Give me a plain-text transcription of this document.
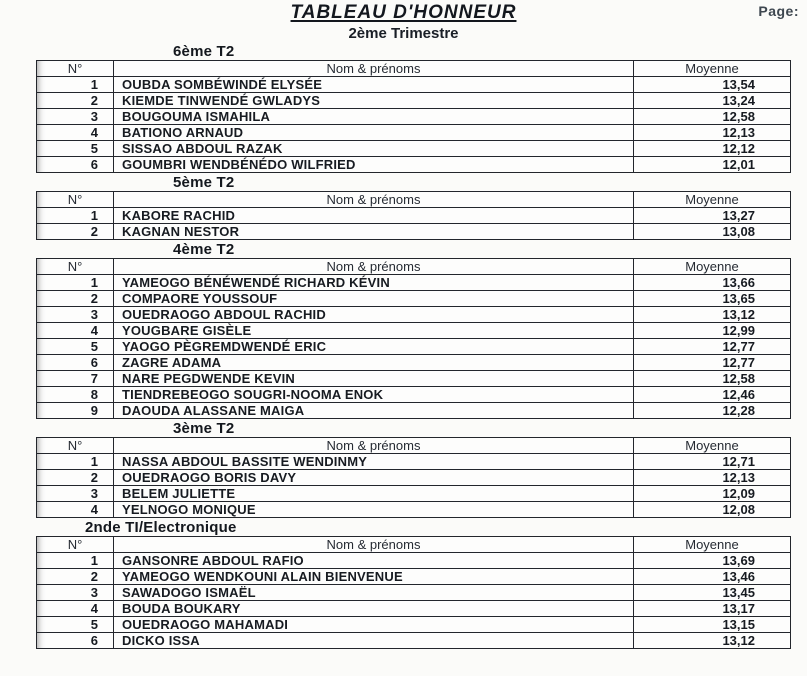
Page:
TABLEAU D'HONNEUR
2ème Trimestre
6ème T2
N°	Nom & prénoms	Moyenne
1	OUBDA SOMBÉWINDÉ ELYSÉE	13,54
2	KIEMDE TINWENDÉ GWLADYS	13,24
3	BOUGOUMA ISMAHILA	12,58
4	BATIONO ARNAUD	12,13
5	SISSAO ABDOUL RAZAK	12,12
6	GOUMBRI WENDBÉNÉDO WILFRIED	12,01
5ème T2
N°	Nom & prénoms	Moyenne
1	KABORE RACHID	13,27
2	KAGNAN NESTOR	13,08
4ème T2
N°	Nom & prénoms	Moyenne
1	YAMEOGO BÉNÉWENDÉ RICHARD KÉVIN	13,66
2	COMPAORE YOUSSOUF	13,65
3	OUEDRAOGO ABDOUL RACHID	13,12
4	YOUGBARE GISÈLE	12,99
5	YAOGO PÈGREMDWENDÉ ERIC	12,77
6	ZAGRE ADAMA	12,77
7	NARE PEGDWENDE KEVIN	12,58
8	TIENDREBEOGO SOUGRI-NOOMA ENOK	12,46
9	DAOUDA ALASSANE MAIGA	12,28
3ème T2
N°	Nom & prénoms	Moyenne
1	NASSA ABDOUL BASSITE WENDINMY	12,71
2	OUEDRAOGO BORIS DAVY	12,13
3	BELEM JULIETTE	12,09
4	YELNOGO MONIQUE	12,08
2nde TI/Electronique
N°	Nom & prénoms	Moyenne
1	GANSONRE ABDOUL RAFIO	13,69
2	YAMEOGO WENDKOUNI ALAIN BIENVENUE	13,46
3	SAWADOGO ISMAËL	13,45
4	BOUDA BOUKARY	13,17
5	OUEDRAOGO MAHAMADI	13,15
6	DICKO ISSA	13,12
